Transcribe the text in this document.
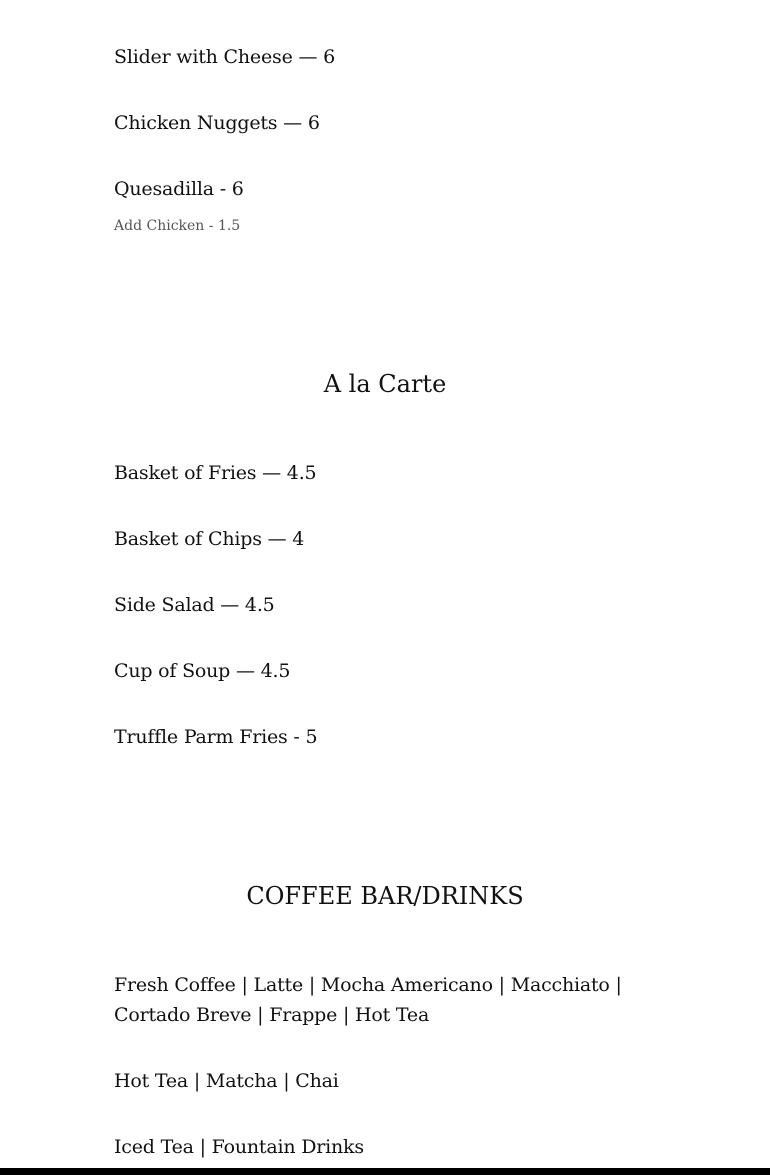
Slider with Cheese — 6
Chicken Nuggets — 6
Quesadilla - 6
Add Chicken - 1.5
A la Carte
Basket of Fries — 4.5
Basket of Chips — 4
Side Salad — 4.5
Cup of Soup — 4.5
Truffle Parm Fries - 5
COFFEE BAR/DRINKS
Fresh Coffee | Latte | Mocha Americano | Macchiato | Cortado Breve | Frappe | Hot Tea
Hot Tea | Matcha | Chai
Iced Tea | Fountain Drinks
